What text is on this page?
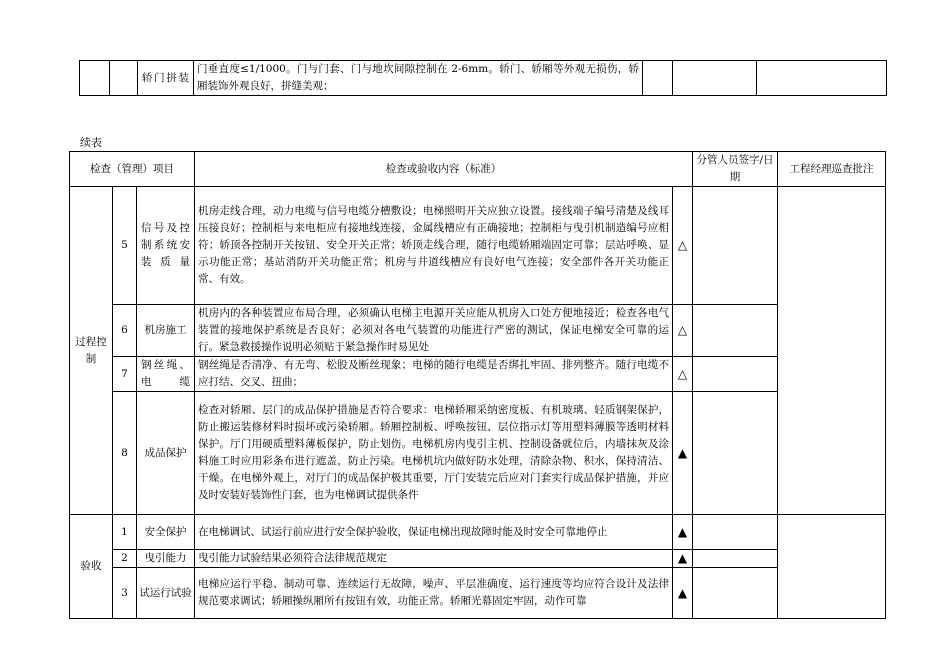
		轿门拼装	门垂直度≤1/1000。门与门套、门与地坎间隙控制在 2-6mm。轿门、轿厢等外观无损伤，轿厢装饰外观良好，拼缝美观；			
续表
检查（管理）项目			检查或验收内容（标准）		分管人员签字/日期	工程经理巡查批注
过程控制	5	信号及控制系统安装质量	机房走线合理，动力电缆与信号电缆分槽敷设；电梯照明开关应独立设置。接线端子编号清楚及线耳压接良好；控制柜与来电柜应有接地线连接，金属线槽应有正确接地；控制柜与曳引机制造编号应相符；轿顶各控制开关按钮、安全开关正常；轿顶走线合理，随行电缆轿厢端固定可靠；层站呼唤、显示功能正常；基站消防开关功能正常；机房与井道线槽应有良好电气连接；安全部件各开关功能正常、有效。	△		
	6	机房施工	机房内的各种装置应布局合理，必须确认电梯主电源开关应能从机房入口处方便地接近；检查各电气装置的接地保护系统是否良好；必须对各电气装置的功能进行严密的测试，保证电梯安全可靠的运行。紧急救援操作说明必须贴于紧急操作时易见处	△		
	7	钢丝绳、电缆	钢丝绳是否清净、有无弯、松股及断丝现象；电梯的随行电缆是否绑扎牢固、排列整齐。随行电缆不应打结、交叉、扭曲；	△		
	8	成品保护	检查对轿厢、层门的成品保护措施是否符合要求：电梯轿厢采纳密度板、有机玻璃、轻质钢架保护，防止搬运装修材料时损坏或污染轿厢。轿厢控制板、呼唤按钮、层位指示灯等用塑料薄膜等透明材料保护。厅门用硬质塑料薄板保护，防止划伤。电梯机房内曳引主机、控制设备就位后，内墙抹灰及涂料施工时应用彩条布进行遮盖，防止污染。电梯机坑内做好防水处理，清除杂物、积水，保持清洁、干燥。在电梯外观上，对厅门的成品保护极其重要，厅门安装完后应对门套实行成品保护措施，并应及时安装好装饰性门套，也为电梯调试提供条件	▲		
验收	1	安全保护	在电梯调试、试运行前应进行安全保护验收，保证电梯出现故障时能及时安全可靠地停止	▲		
	2	曳引能力	曳引能力试验结果必须符合法律规范规定	▲		
	3	试运行试验	电梯应运行平稳、制动可靠、连续运行无故障，噪声、平层准确度、运行速度等均应符合设计及法律规范要求调试；轿厢操纵厢所有按钮有效，功能正常。轿厢光幕固定牢固，动作可靠	▲		
